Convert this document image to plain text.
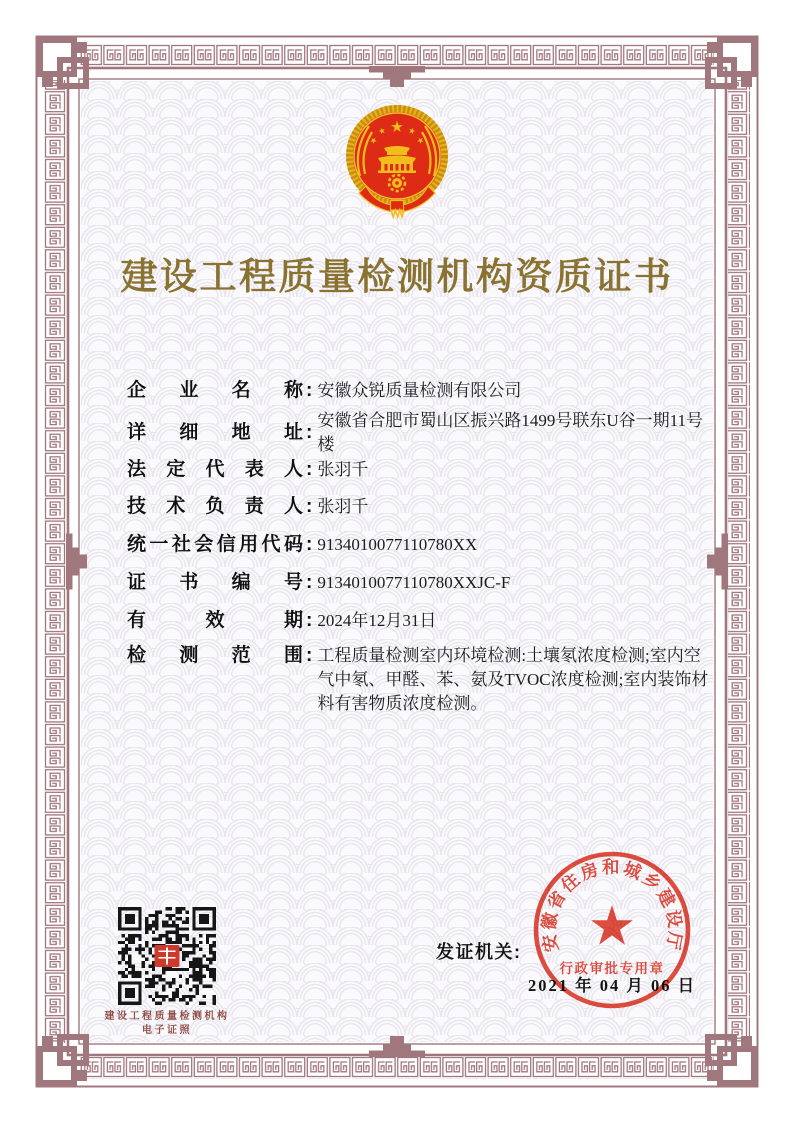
建设工程质量检测机构资质证书
企 业 名 称 : 安徽众锐质量检测有限公司
详 细 地 址 :
安徽省合肥市蜀山区振兴路1499号联东U谷一期11号楼
法 定 代 表 人 : 张羽千
技 术 负 责 人 : 张羽千
统 一 社 会 信 用 代 码 : 9134010077110780XX
证 书 编 号 : 9134010077110780XXJC-F
有	效	期 : 2024年12月31日
检 测 范 围 : 工程质量检测室内环境检测:土壤氡浓度检测;室内空气中氡、甲醛、苯、氨及TVOC浓度检测;室内装饰材料有害物质浓度检测。
建设工程质量检测机构
电子证照
发证机关:
2021 年 04 月 06 日
安徽省住房和城乡建设厅
行政审批专用章
